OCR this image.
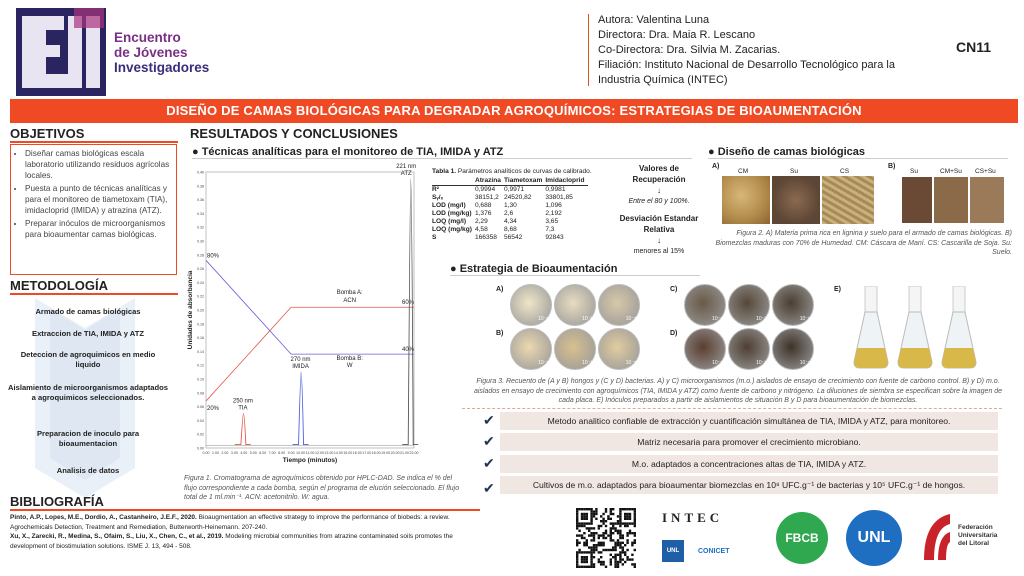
Encuentro
de Jóvenes
Investigadores
Autora: Valentina Luna
Directora: Dra. Maia R. Lescano
Co-Directora: Dra. Silvia M. Zacarias.
Filiación: Instituto Nacional de Desarrollo Tecnológico para la
Industria Química (INTEC)
CN11
DISEÑO DE CAMAS BIOLÓGICAS PARA DEGRADAR AGROQUÍMICOS: ESTRATEGIAS DE BIOAUMENTACIÓN
OBJETIVOS
• Diseñar camas biológicas escala laboratorio utilizando residuos agrícolas locales.
• Puesta a punto de técnicas analíticas y para el monitoreo de tiametoxam (TIA), imidacloprid (IMIDA) y atrazina (ATZ).
• Preparar inóculos de microorganismos para bioaumentar camas biológicas.
METODOLOGÍA
Armado de camas biológicas
Extraccion de TIA, IMIDA y ATZ
Deteccion de agroquimicos en medio liquido
Aislamiento de microorganismos adaptados a agroquimicos seleccionados.
Preparacion de inoculo para bioaumentacion
Analisis de datos
BIBLIOGRAFÍA
Pinto, A.P., Lopes, M.E., Dordio, A., Castanheiro, J.E.F., 2020. Bioaugmentation an effective strategy to improve the performance of biobeds: a review. Agrochemicals Detection, Treatment and Remediation, Butterworth-Heinemann. 207-240.
Xu, X., Zarecki, R., Medina, S., Ofaim, S., Liu, X., Chen, C., et al., 2019. Modeling microbial communities from atrazine contaminated soils promotes the development of biostimulation solutions. ISME J. 13, 494 - 508.
RESULTADOS Y CONCLUSIONES
● Técnicas analíticas para el monitoreo de TIA, IMIDA y ATZ
0.40
0.38
0.36
0.34
0.32
0.30
0.28
0.26
0.24
0.22
0.20
0.18
0.16
0.14
0.12
0.10
0.08
0.06
0.04
0.02
0.00
0.00 1.00 2.00 3.00 4.00 5.00 6.00 7.00 8.00 9.00 10.00 11.00 12.00 13.00 14.00 15.00 16.00 17.00 18.00 19.00 20.00 21.00 22.00
Unidades de absorbancia
Tiempo (minutos)
20%
80%
60%
40%
Bomba A:
ACN
Bomba B:
W
250 nm
TIA
270 nm
IMIDA
221 nm
ATZ
Figura 1. Cromatograma de agroquímicos obtenido por HPLC-DAD. Se indica el % del flujo correspondiente a cada bomba, según el programa de elución seleccionado. El flujo total de 1 ml.min⁻¹. ACN: acetonitrilo. W: agua.
Tabla 1. Parámetros analíticos de curvas de calibrado.
	Atrazina	Tiametoxam	Imidacloprid
R²	0,9994	0,9971	0,9981
Sᵧ/ₓ	38151,2	24520,82	33801,85
LOD (mg/l)	0,688	1,30	1,096
LOD (mg/kg)	1,376	2,6	2,192
LOQ (mg/l)	2,29	4,34	3,65
LOQ (mg/kg)	4,58	8,68	7,3
S	166358	56542	92843
Valores de Recuperación
↓
Entre el 80 y 100%.
Desviación Estandar Relativa
↓
menores al 15%
● Diseño de camas biológicas
A)
CM	Su	CS
B)
Su	CM+Su CS+Su
Figura 2. A) Materia prima rica en lignina y suelo para el armado de camas biológicas. B) Biomezclas maduras con 70% de Humedad. CM: Cáscara de Maní. CS: Cascarilla de Soja. Su: Suelo.
● Estrategia de Bioaumentación
A)
B)
C)
D)
E)
10⁻¹	10⁻³	10⁻⁵
10⁻¹	10⁻³	10⁻⁵
10⁻¹	10⁻³	10⁻⁵
10⁻¹	10⁻³	10⁻⁵
Figura 3. Recuento de (A y B) hongos y (C y D) bacterias. A) y C) microorganismos (m.o.) aislados de ensayo de crecimiento con fuente de carbono control. B) y D) m.o. aislados en ensayo de crecimiento con agroquímicos (TIA, IMIDA y ATZ) como fuente de carbono y nitrógeno. La diluciones de siembra se especifican sobre la imagen de cada placa. E) Inóculos preparados a partir de aislamientos de situación B y D para bioaumentación de biomezclas.
✔	Metodo analitico confiable de extracción y cuantificación simultánea de TIA, IMIDA y ATZ, para monitoreo.
✔	Matriz necesaria para promover el crecimiento microbiano.
✔	M.o. adaptados a concentraciones altas de TIA, IMIDA y ATZ.
✔	Cultivos de m.o. adaptados para bioaumentar biomezclas en 10⁸ UFC.g⁻¹ de bacterias y 10⁵ UFC.g⁻¹ de hongos.
INTEC
UNL	CONICET
FBCB	UNL
Federación
Universitaria
del Litoral
